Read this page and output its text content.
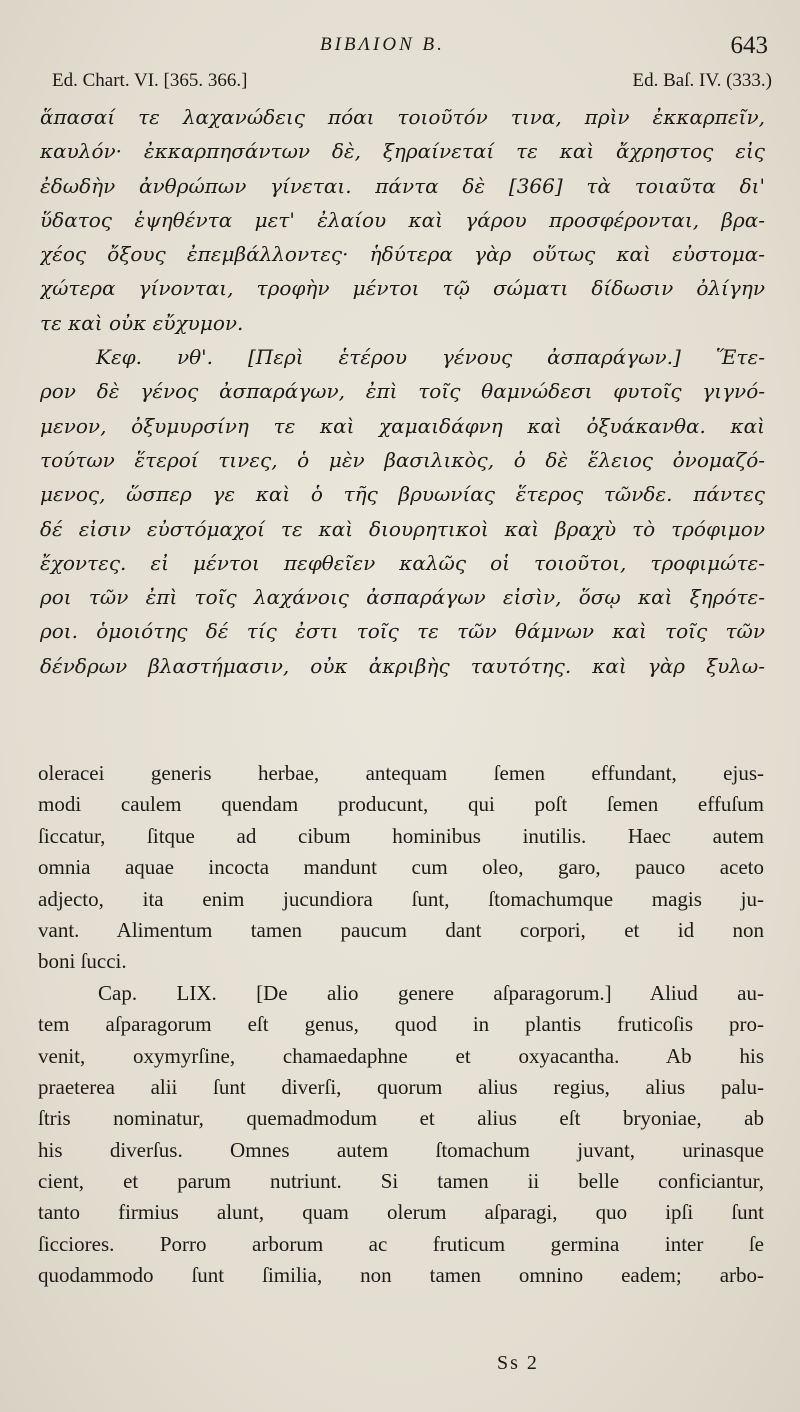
BIBΛΙΟΝ Β.	643
Ed. Chart. VI. [365. 366.]	Ed. Baſ. IV. (333.)
ἅπασαί τε λαχανώδεις πόαι τοιοῦτόν τινα, πρὶν ἐκκαρπεῖν,
καυλόν· ἐκκαρπησάντων δὲ, ξηραίνεταί τε καὶ ἄχρηστος εἰς
ἐδωδὴν ἀνθρώπων γίνεται. πάντα δὲ [366] τὰ τοιαῦτα δι'
ὕδατος ἑψηθέντα μετ' ἐλαίου καὶ γάρου προσφέρονται, βρα-
χέος ὄξους ἐπεμβάλλοντες· ἡδύτερα γὰρ οὕτως καὶ εὐστομα-
χώτερα γίνονται, τροφὴν μέντοι τῷ σώματι δίδωσιν ὀλίγην
τε καὶ οὐκ εὔχυμον.
Κεφ. νθ'. [Περὶ ἑτέρου γένους ἀσπαράγων.] Ἕτε-
ρον δὲ γένος ἀσπαράγων, ἐπὶ τοῖς θαμνώδεσι φυτοῖς γιγνό-
μενον, ὀξυμυρσίνη τε καὶ χαμαιδάφνη καὶ ὀξυάκανθα. καὶ
τούτων ἕτεροί τινες, ὁ μὲν βασιλικὸς, ὁ δὲ ἕλειος ὀνομαζό-
μενος, ὥσπερ γε καὶ ὁ τῆς βρυωνίας ἕτερος τῶνδε. πάντες
δέ εἰσιν εὐστόμαχοί τε καὶ διουρητικοὶ καὶ βραχὺ τὸ τρόφιμον
ἔχοντες. εἰ μέντοι πεφθεῖεν καλῶς οἱ τοιοῦτοι, τροφιμώτε-
ροι τῶν ἐπὶ τοῖς λαχάνοις ἀσπαράγων εἰσὶν, ὅσῳ καὶ ξηρότε-
ροι. ὁμοιότης δέ τίς ἐστι τοῖς τε τῶν θάμνων καὶ τοῖς τῶν
δένδρων βλαστήμασιν, οὐκ ἀκριβὴς ταυτότης. καὶ γὰρ ξυλω-
oleracei generis herbae, antequam ſemen effundant, ejus-
modi caulem quendam producunt, qui poſt ſemen effuſum
ſiccatur, ſitque ad cibum hominibus inutilis. Haec autem
omnia aquae incocta mandunt cum oleo, garo, pauco aceto
adjecto, ita enim jucundiora ſunt, ſtomachumque magis ju-
vant. Alimentum tamen paucum dant corpori, et id non
boni ſucci.
Cap. LIX. [De alio genere aſparagorum.] Aliud au-
tem aſparagorum eſt genus, quod in plantis fruticoſis pro-
venit, oxymyrſine, chamaedaphne et oxyacantha. Ab his
praeterea alii ſunt diverſi, quorum alius regius, alius palu-
ſtris nominatur, quemadmodum et alius eſt bryoniae, ab
his diverſus. Omnes autem ſtomachum juvant, urinasque
cient, et parum nutriunt. Si tamen ii belle conficiantur,
tanto firmius alunt, quam olerum aſparagi, quo ipſi ſunt
ſicciores. Porro arborum ac fruticum germina inter ſe
quodammodo ſunt ſimilia, non tamen omnino eadem; arbo-
Ss 2
